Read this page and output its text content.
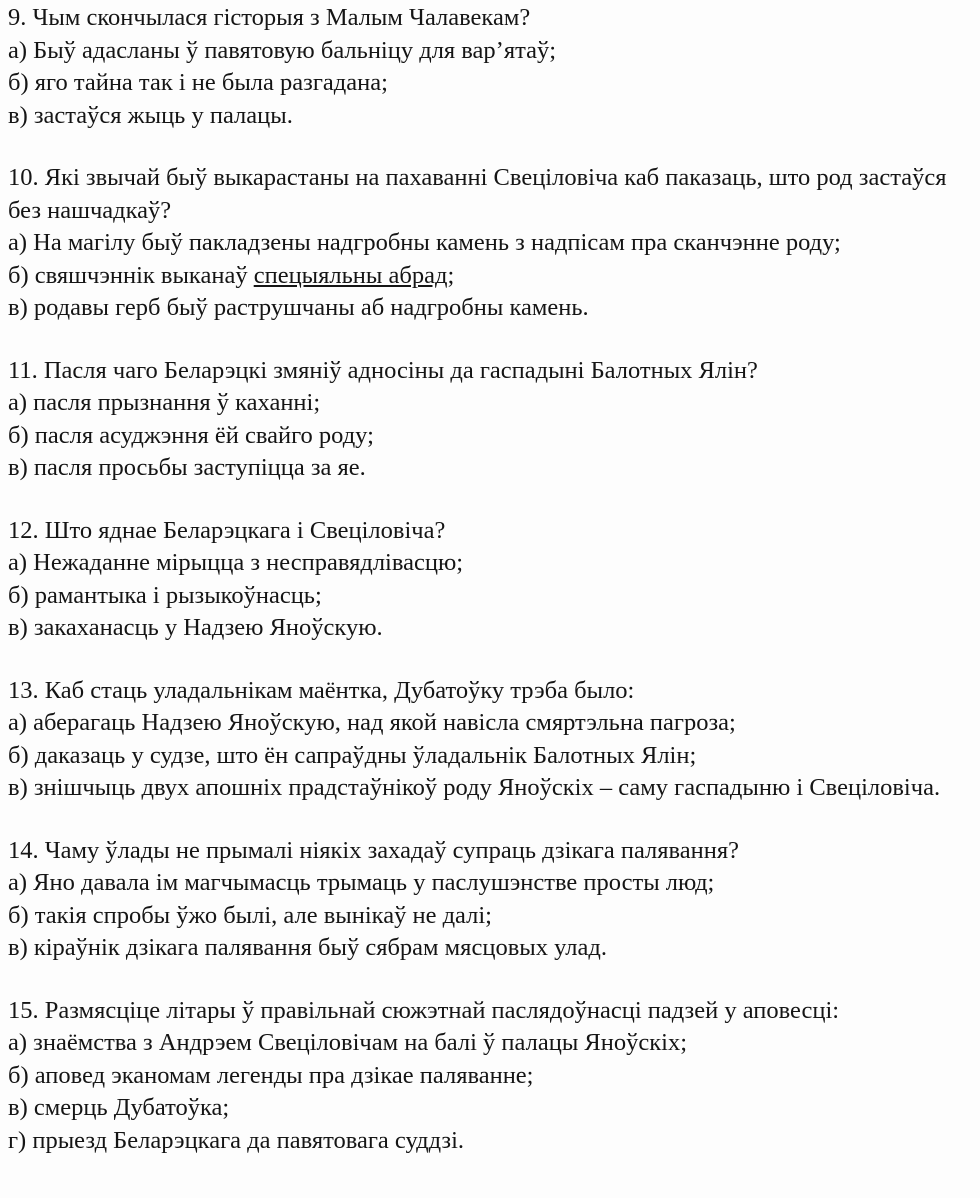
9. Чым скончылася гісторыя з Малым Чалавекам?

а) Быў адасланы ў павятовую бальніцу для вар’ятаў;

б) яго тайна так і не была разгадана;

в) застаўся жыць у палацы.

10. Які звычай быў выкарастаны на пахаванні Свеціловіча каб паказаць, што род застаўся без нашчадкаў?

а) На магілу быў пакладзены надгробны камень з надпісам пра сканчэнне роду;

б) свяшчэннік выканаў спецыяльны абрад;

в) родавы герб быў раструшчаны аб надгробны камень.

11. Пасля чаго Беларэцкі змяніў адносіны да гаспадыні Балотных Ялін?

а) пасля прызнання ў каханні;

б) пасля асуджэння ёй свайго роду;

в) пасля просьбы заступіцца за яе.

12. Што яднае Беларэцкага і Свеціловіча?

а) Нежаданне мірыцца з несправядлівасцю;

б) рамантыка і рызыкоўнасць;

в) закаханасць у Надзею Яноўскую.

13. Каб стаць уладальнікам маёнтка, Дубатоўку трэба было:

а) аберагаць Надзею Яноўскую, над якой навісла смяртэльна пагроза;

б) даказаць у судзе, што ён сапраўдны ўладальнік Балотных Ялін;

в) знішчыць двух апошніх прадстаўнікоў роду Яноўскіх – саму гаспадыню і Свеціловіча.

14. Чаму ўлады не прымалі ніякіх захадаў супраць дзікага палявання?

а) Яно давала ім магчымасць трымаць у паслушэнстве просты люд;

б) такія спробы ўжо былі, але вынікаў не далі;

в) кіраўнік дзікага палявання быў сябрам мясцовых улад.

15. Размясціце літары ў правільнай сюжэтнай паслядоўнасці падзей у аповесці:

а) знаёмства з Андрэем Свеціловічам на балі ў палацы Яноўскіх;

б) аповед эканомам легенды пра дзікае паляванне;

в) смерць Дубатоўка;

г) прыезд Беларэцкага да павятовага суддзі.
